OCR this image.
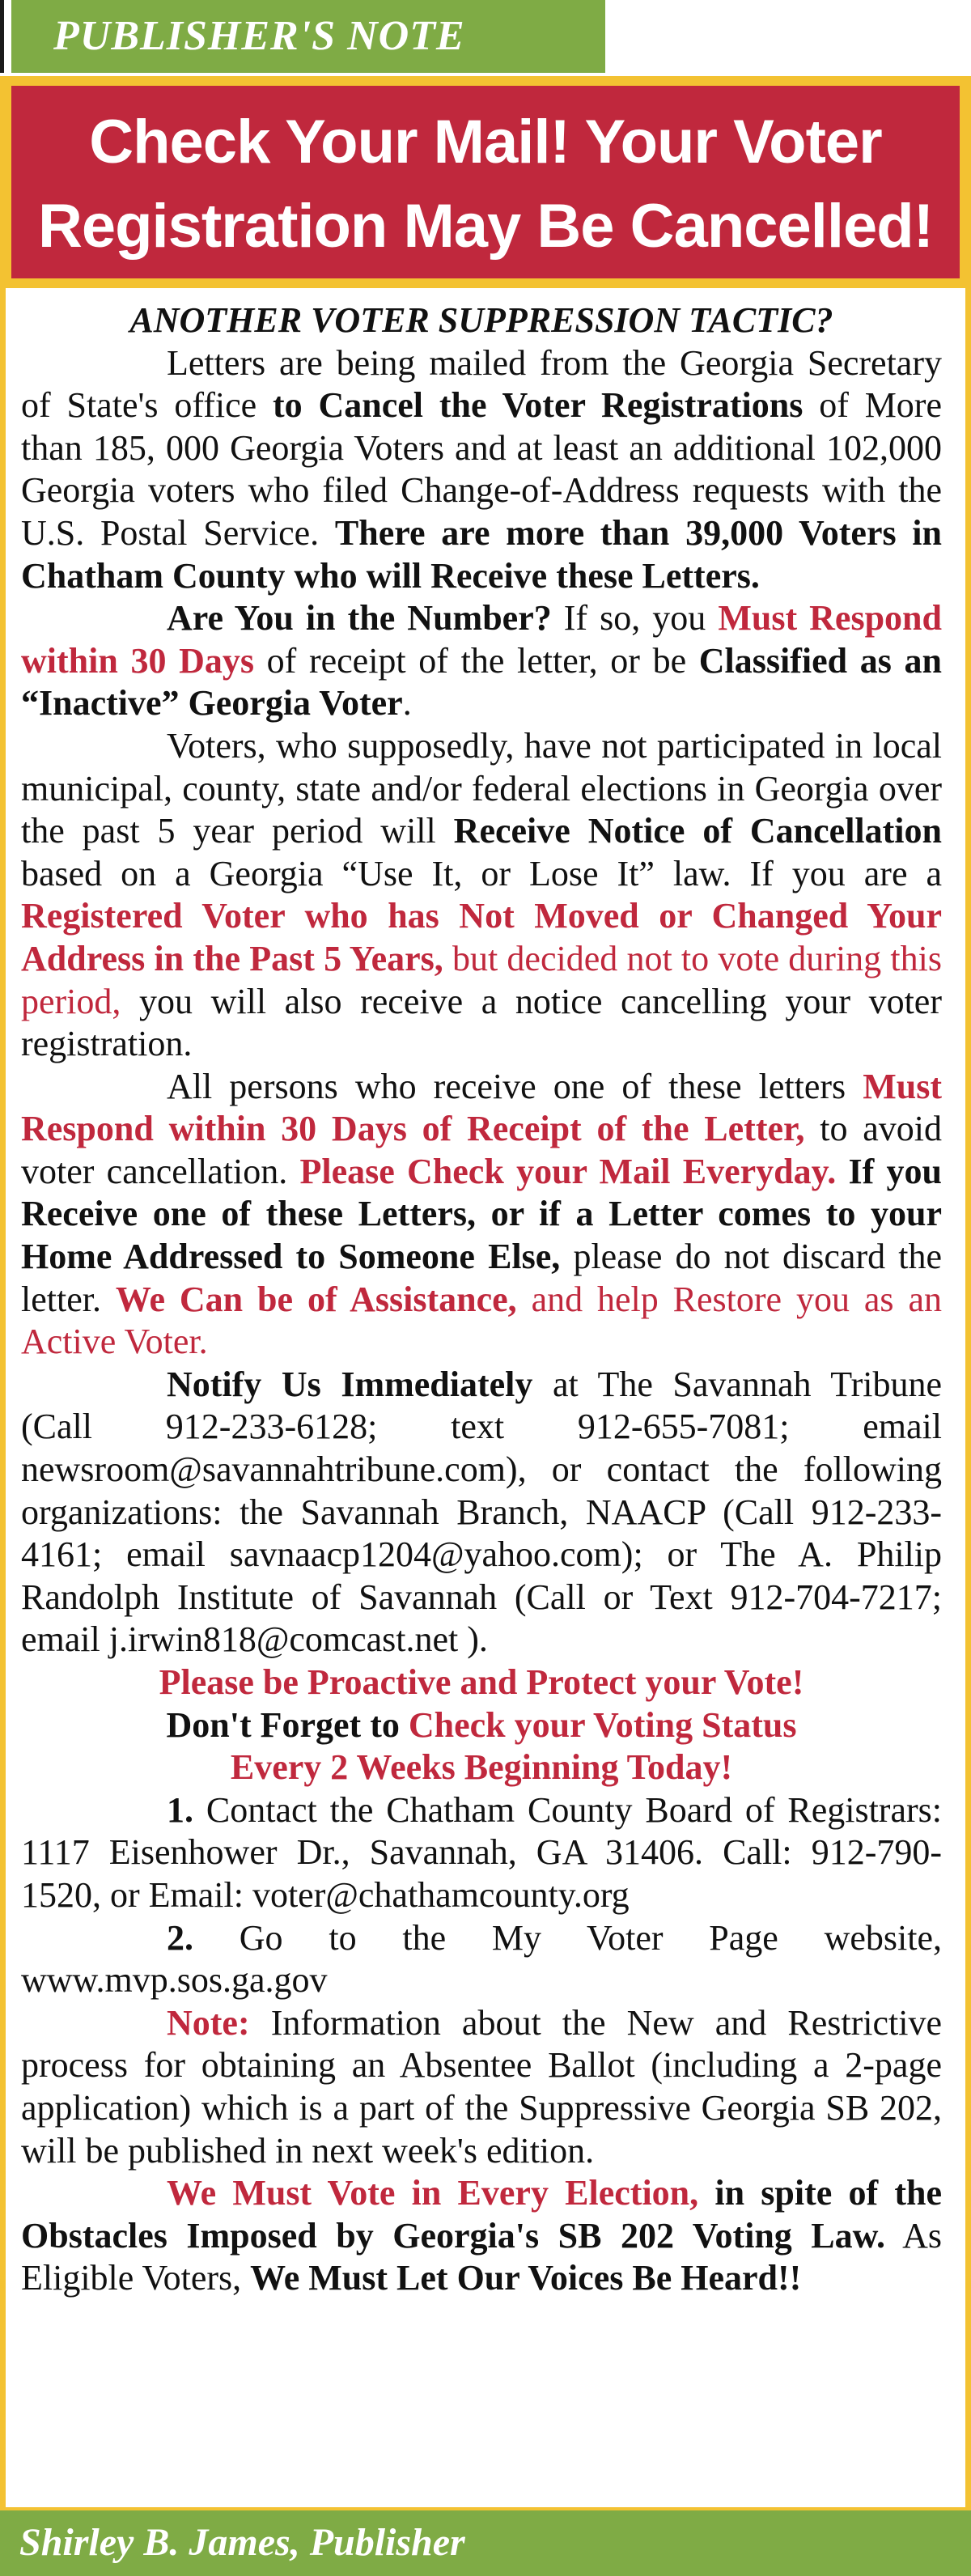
PUBLISHER'S NOTE
Check Your Mail! Your Voter
Registration May Be Cancelled!

ANOTHER VOTER SUPPRESSION TACTIC?

Letters are being mailed from the Georgia Secretary of State's office to Cancel the Voter Registrations of More than 185, 000 Georgia Voters and at least an additional 102,000 Georgia voters who filed Change-of-Address requests with the U.S. Postal Service. There are more than 39,000 Voters in Chatham County who will Receive these Letters.

Are You in the Number? If so, you Must Respond within 30 Days of receipt of the letter, or be Classified as an “Inactive” Georgia Voter.

Voters, who supposedly, have not participated in local municipal, county, state and/or federal elections in Georgia over the past 5 year period will Receive Notice of Cancellation based on a Georgia “Use It, or Lose It” law. If you are a Registered Voter who has Not Moved or Changed Your Address in the Past 5 Years, but decided not to vote during this period, you will also receive a notice cancelling your voter registration.

All persons who receive one of these letters Must Respond within 30 Days of Receipt of the Letter, to avoid voter cancellation. Please Check your Mail Everyday. If you Receive one of these Letters, or if a Letter comes to your Home Addressed to Someone Else, please do not discard the letter. We Can be of Assistance, and help Restore you as an Active Voter.

Notify Us Immediately at The Savannah Tribune (Call 912-233-6128; text 912-655-7081; email newsroom@savannahtribune.com), or contact the following organizations: the Savannah Branch, NAACP (Call 912-233-4161; email savnaacp1204@yahoo.com); or The A. Philip Randolph Institute of Savannah (Call or Text 912-704-7217; email j.irwin818@comcast.net ).

Please be Proactive and Protect your Vote!

Don't Forget to Check your Voting Status

Every 2 Weeks Beginning Today!

1. Contact the Chatham County Board of Registrars: 1117 Eisenhower Dr., Savannah, GA 31406. Call: 912-790-1520, or Email: voter@chathamcounty.org

2. Go to the My Voter Page website, www.mvp.sos.ga.gov

Note: Information about the New and Restrictive process for obtaining an Absentee Ballot (including a 2-page application) which is a part of the Suppressive Georgia SB 202, will be published in next week's edition.

We Must Vote in Every Election, in spite of the Obstacles Imposed by Georgia's SB 202 Voting Law. As Eligible Voters, We Must Let Our Voices Be Heard!!

Shirley B. James, Publisher
